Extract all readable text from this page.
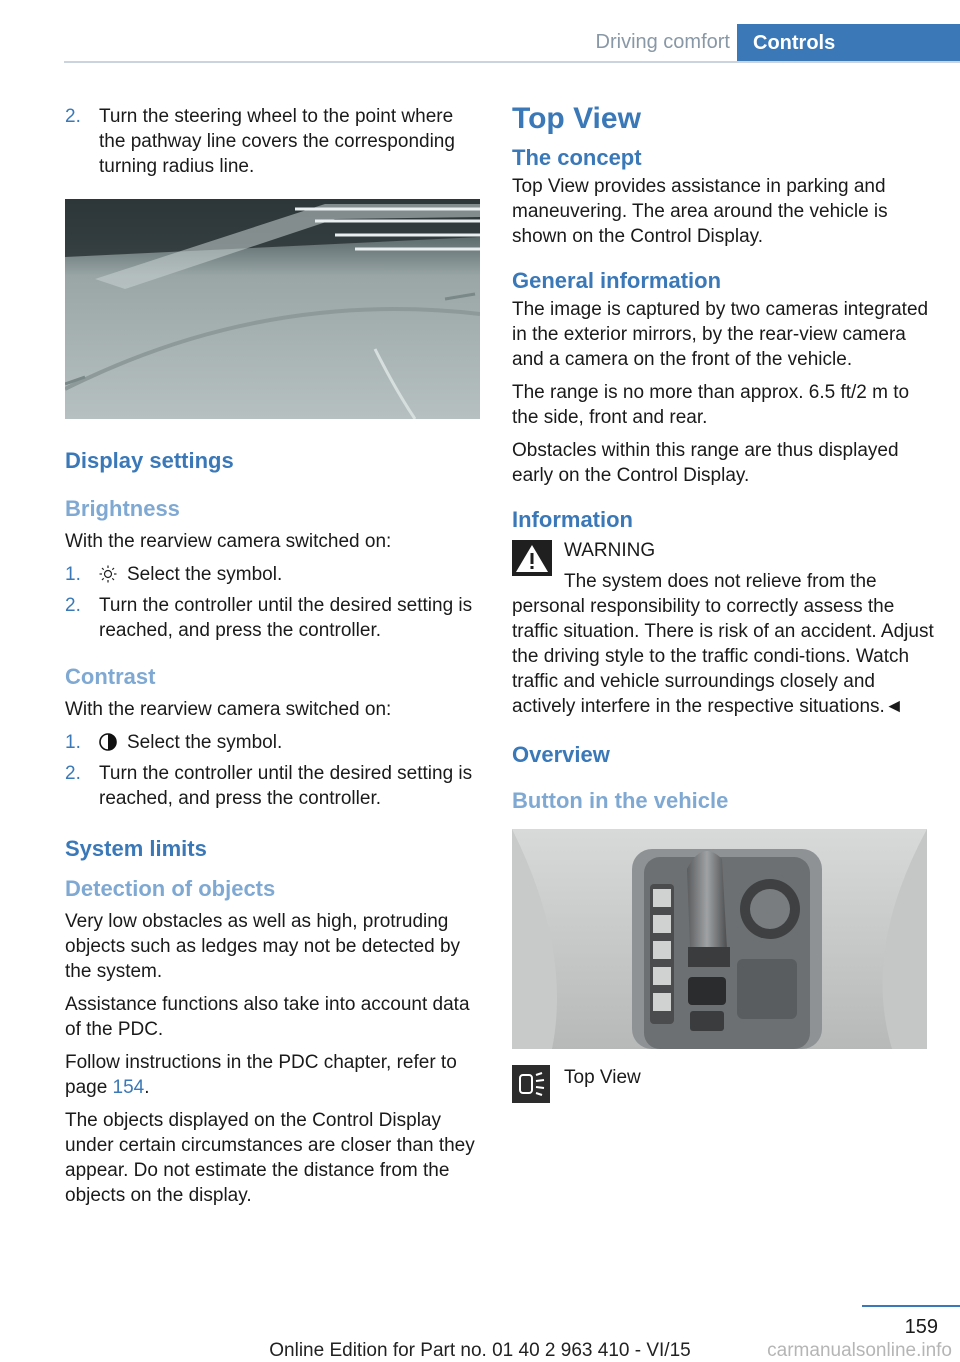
Driving comfort	Controls
2. Turn the steering wheel to the point where the pathway line covers the corresponding turning radius line.
Display settings
Brightness

With the rearview camera switched on:

1.	Select the symbol.
2. Turn the controller until the desired setting is reached, and press the controller.
Contrast

With the rearview camera switched on:

1.	Select the symbol.
2. Turn the controller until the desired setting is reached, and press the controller.
System limits
Detection of objects

Very low obstacles as well as high, protruding objects such as ledges may not be detected by the system.

Assistance functions also take into account data of the PDC.

Follow instructions in the PDC chapter, refer to page 154.

The objects displayed on the Control Display under certain circumstances are closer than they appear. Do not estimate the distance from the objects on the display.

Top View
The concept

Top View provides assistance in parking and maneuvering. The area around the vehicle is shown on the Control Display.

General information

The image is captured by two cameras integrated in the exterior mirrors, by the rear-view camera and a camera on the front of the vehicle.

The range is no more than approx. 6.5 ft/2 m to the side, front and rear.

Obstacles within this range are thus displayed early on the Control Display.

Information
WARNING
The system does not relieve from the

personal responsibility to correctly assess the traffic situation. There is risk of an accident. Adjust the driving style to the traffic condi-tions. Watch traffic and vehicle surroundings closely and actively interfere in the respective situations.◄

Overview
Button in the vehicle
Top View
159
Online Edition for Part no. 01 40 2 963 410 - VI/15	carmanualsonline.info
